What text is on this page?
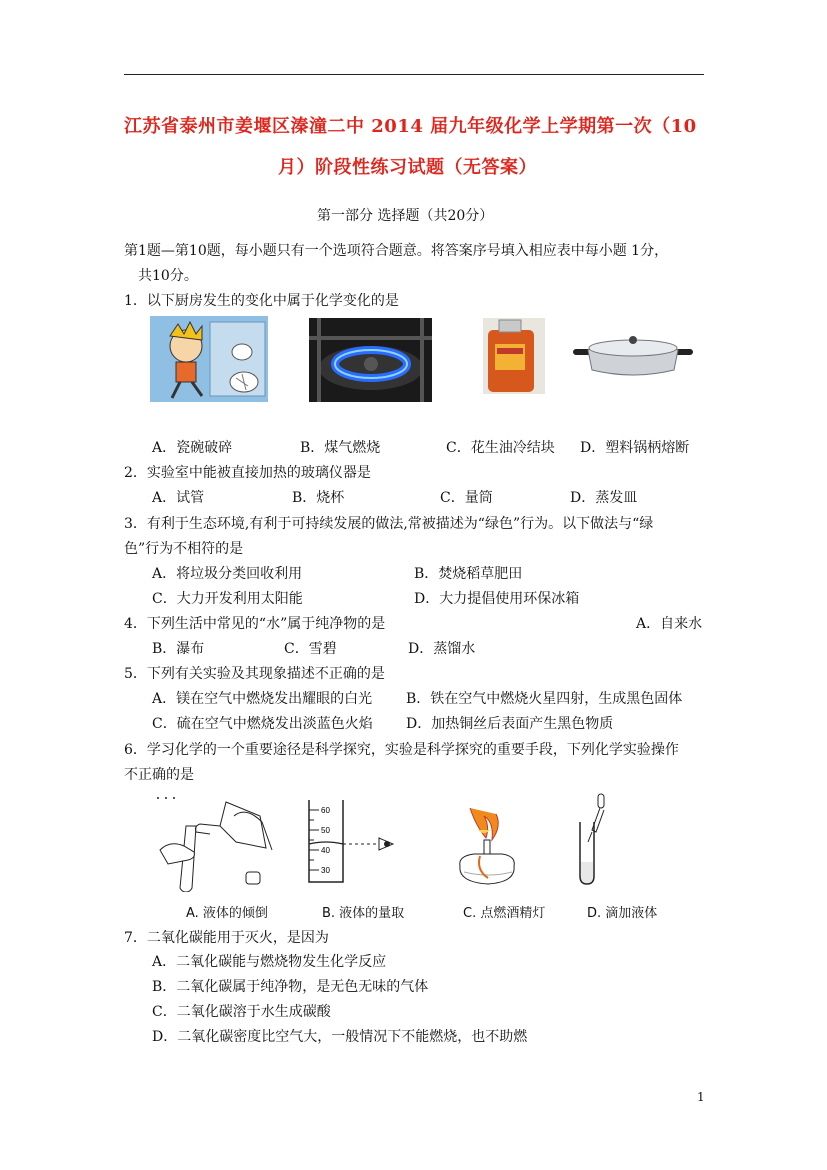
江苏省泰州市姜堰区溱潼二中 2014 届九年级化学上学期第一次（10
月）阶段性练习试题（无答案）
第一部分 选择题（共20分）
第1题—第10题，每小题只有一个选项符合题意。将答案序号填入相应表中每小题 1分，
共10分。
1．以下厨房发生的变化中属于化学变化的是
A．瓷碗破碎	B．煤气燃烧	C．花生油冷结块 D．塑料锅柄熔断
2．实验室中能被直接加热的玻璃仪器是
A．试管	B．烧杯	C．量筒	D．蒸发皿
3．有利于生态环境,有利于可持续发展的做法,常被描述为“绿色”行为。以下做法与“绿
色”行为不相符的是
A．将垃圾分类回收利用	B．焚烧稻草肥田
C．大力开发利用太阳能	D．大力提倡使用环保冰箱
4．下列生活中常见的“水”属于纯净物的是	A．自来水
B．瀑布	C．雪碧	D．蒸馏水
5．下列有关实验及其现象描述不正确的是
A．镁在空气中燃烧发出耀眼的白光 B．铁在空气中燃烧火星四射，生成黑色固体
C．硫在空气中燃烧发出淡蓝色火焰 D．加热铜丝后表面产生黑色物质
6．学习化学的一个重要途径是科学探究，实验是科学探究的重要手段，下列化学实验操作
不正确的是
60
50
40
30
A. 液体的倾倒	B. 液体的量取	C. 点燃酒精灯	D. 滴加液体
7．二氧化碳能用于灭火，是因为
A．二氧化碳能与燃烧物发生化学反应
B．二氧化碳属于纯净物，是无色无味的气体
C．二氧化碳溶于水生成碳酸
D．二氧化碳密度比空气大，一般情况下不能燃烧，也不助燃
1
